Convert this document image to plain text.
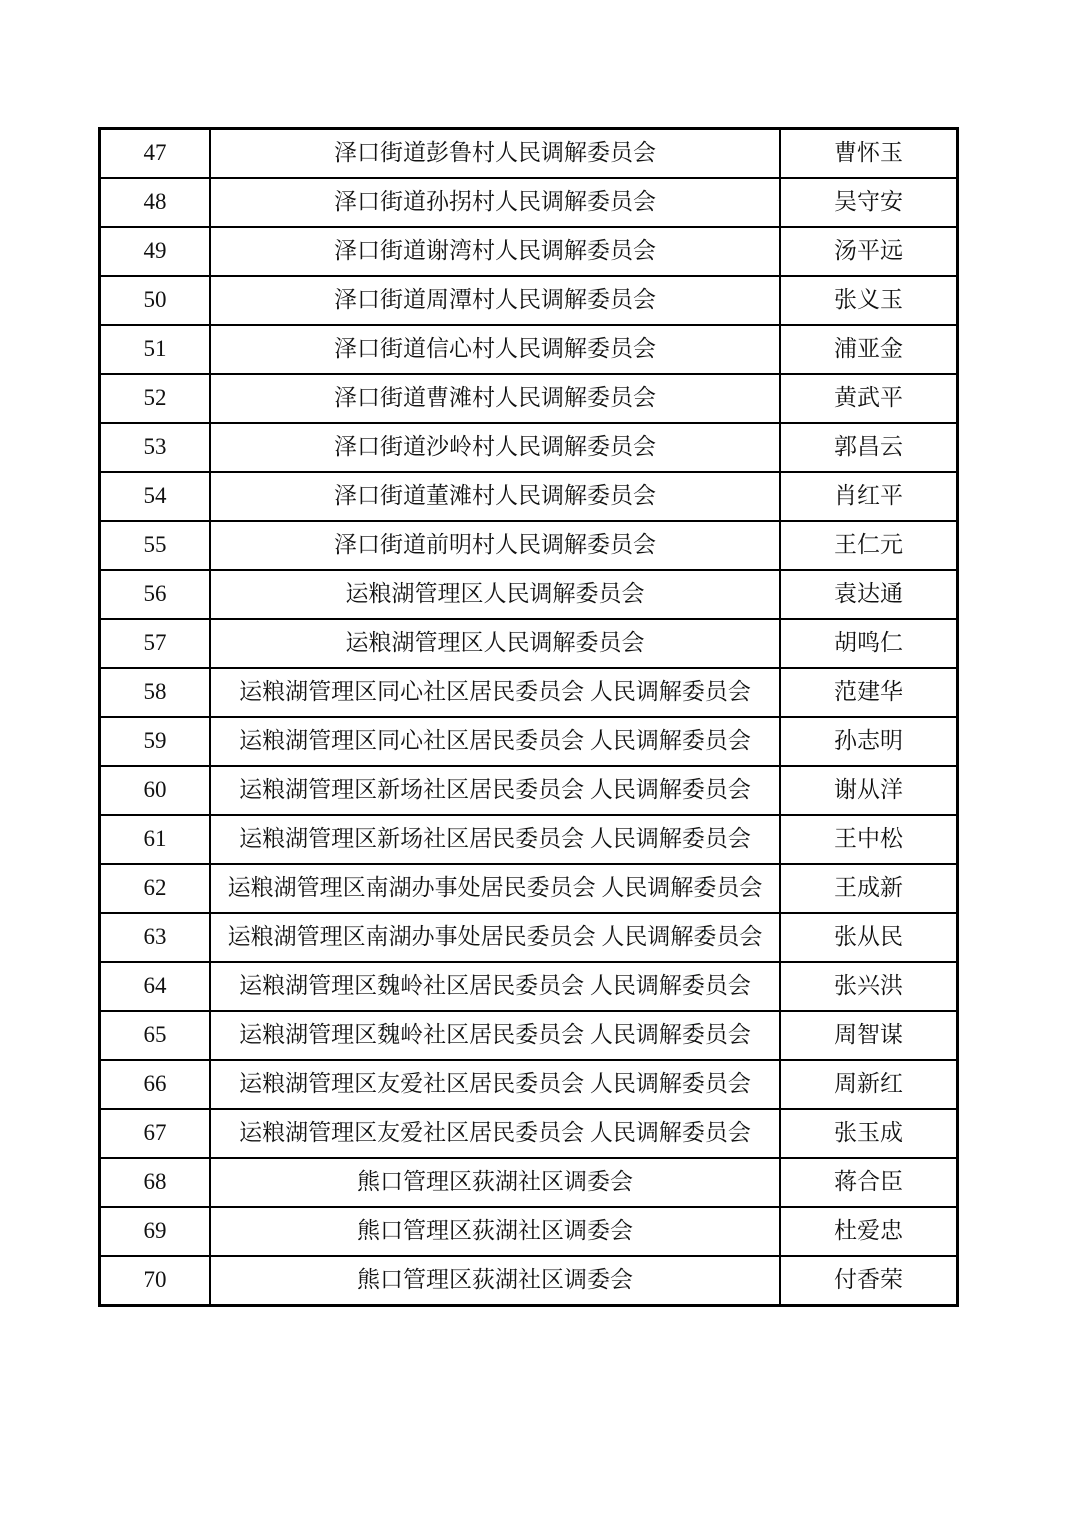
47	泽口街道彭鲁村人民调解委员会	曹怀玉
48	泽口街道孙拐村人民调解委员会	吴守安
49	泽口街道谢湾村人民调解委员会	汤平远
50	泽口街道周潭村人民调解委员会	张义玉
51	泽口街道信心村人民调解委员会	浦亚金
52	泽口街道曹滩村人民调解委员会	黄武平
53	泽口街道沙岭村人民调解委员会	郭昌云
54	泽口街道董滩村人民调解委员会	肖红平
55	泽口街道前明村人民调解委员会	王仁元
56	运粮湖管理区人民调解委员会	袁达通
57	运粮湖管理区人民调解委员会	胡鸣仁
58	运粮湖管理区同心社区居民委员会 人民调解委员会	范建华
59	运粮湖管理区同心社区居民委员会 人民调解委员会	孙志明
60	运粮湖管理区新场社区居民委员会 人民调解委员会	谢从洋
61	运粮湖管理区新场社区居民委员会 人民调解委员会	王中松
62	运粮湖管理区南湖办事处居民委员会 人民调解委员会	王成新
63	运粮湖管理区南湖办事处居民委员会 人民调解委员会	张从民
64	运粮湖管理区魏岭社区居民委员会 人民调解委员会	张兴洪
65	运粮湖管理区魏岭社区居民委员会 人民调解委员会	周智谋
66	运粮湖管理区友爱社区居民委员会 人民调解委员会	周新红
67	运粮湖管理区友爱社区居民委员会 人民调解委员会	张玉成
68	熊口管理区荻湖社区调委会	蒋合臣
69	熊口管理区荻湖社区调委会	杜爱忠
70	熊口管理区荻湖社区调委会	付香荣
